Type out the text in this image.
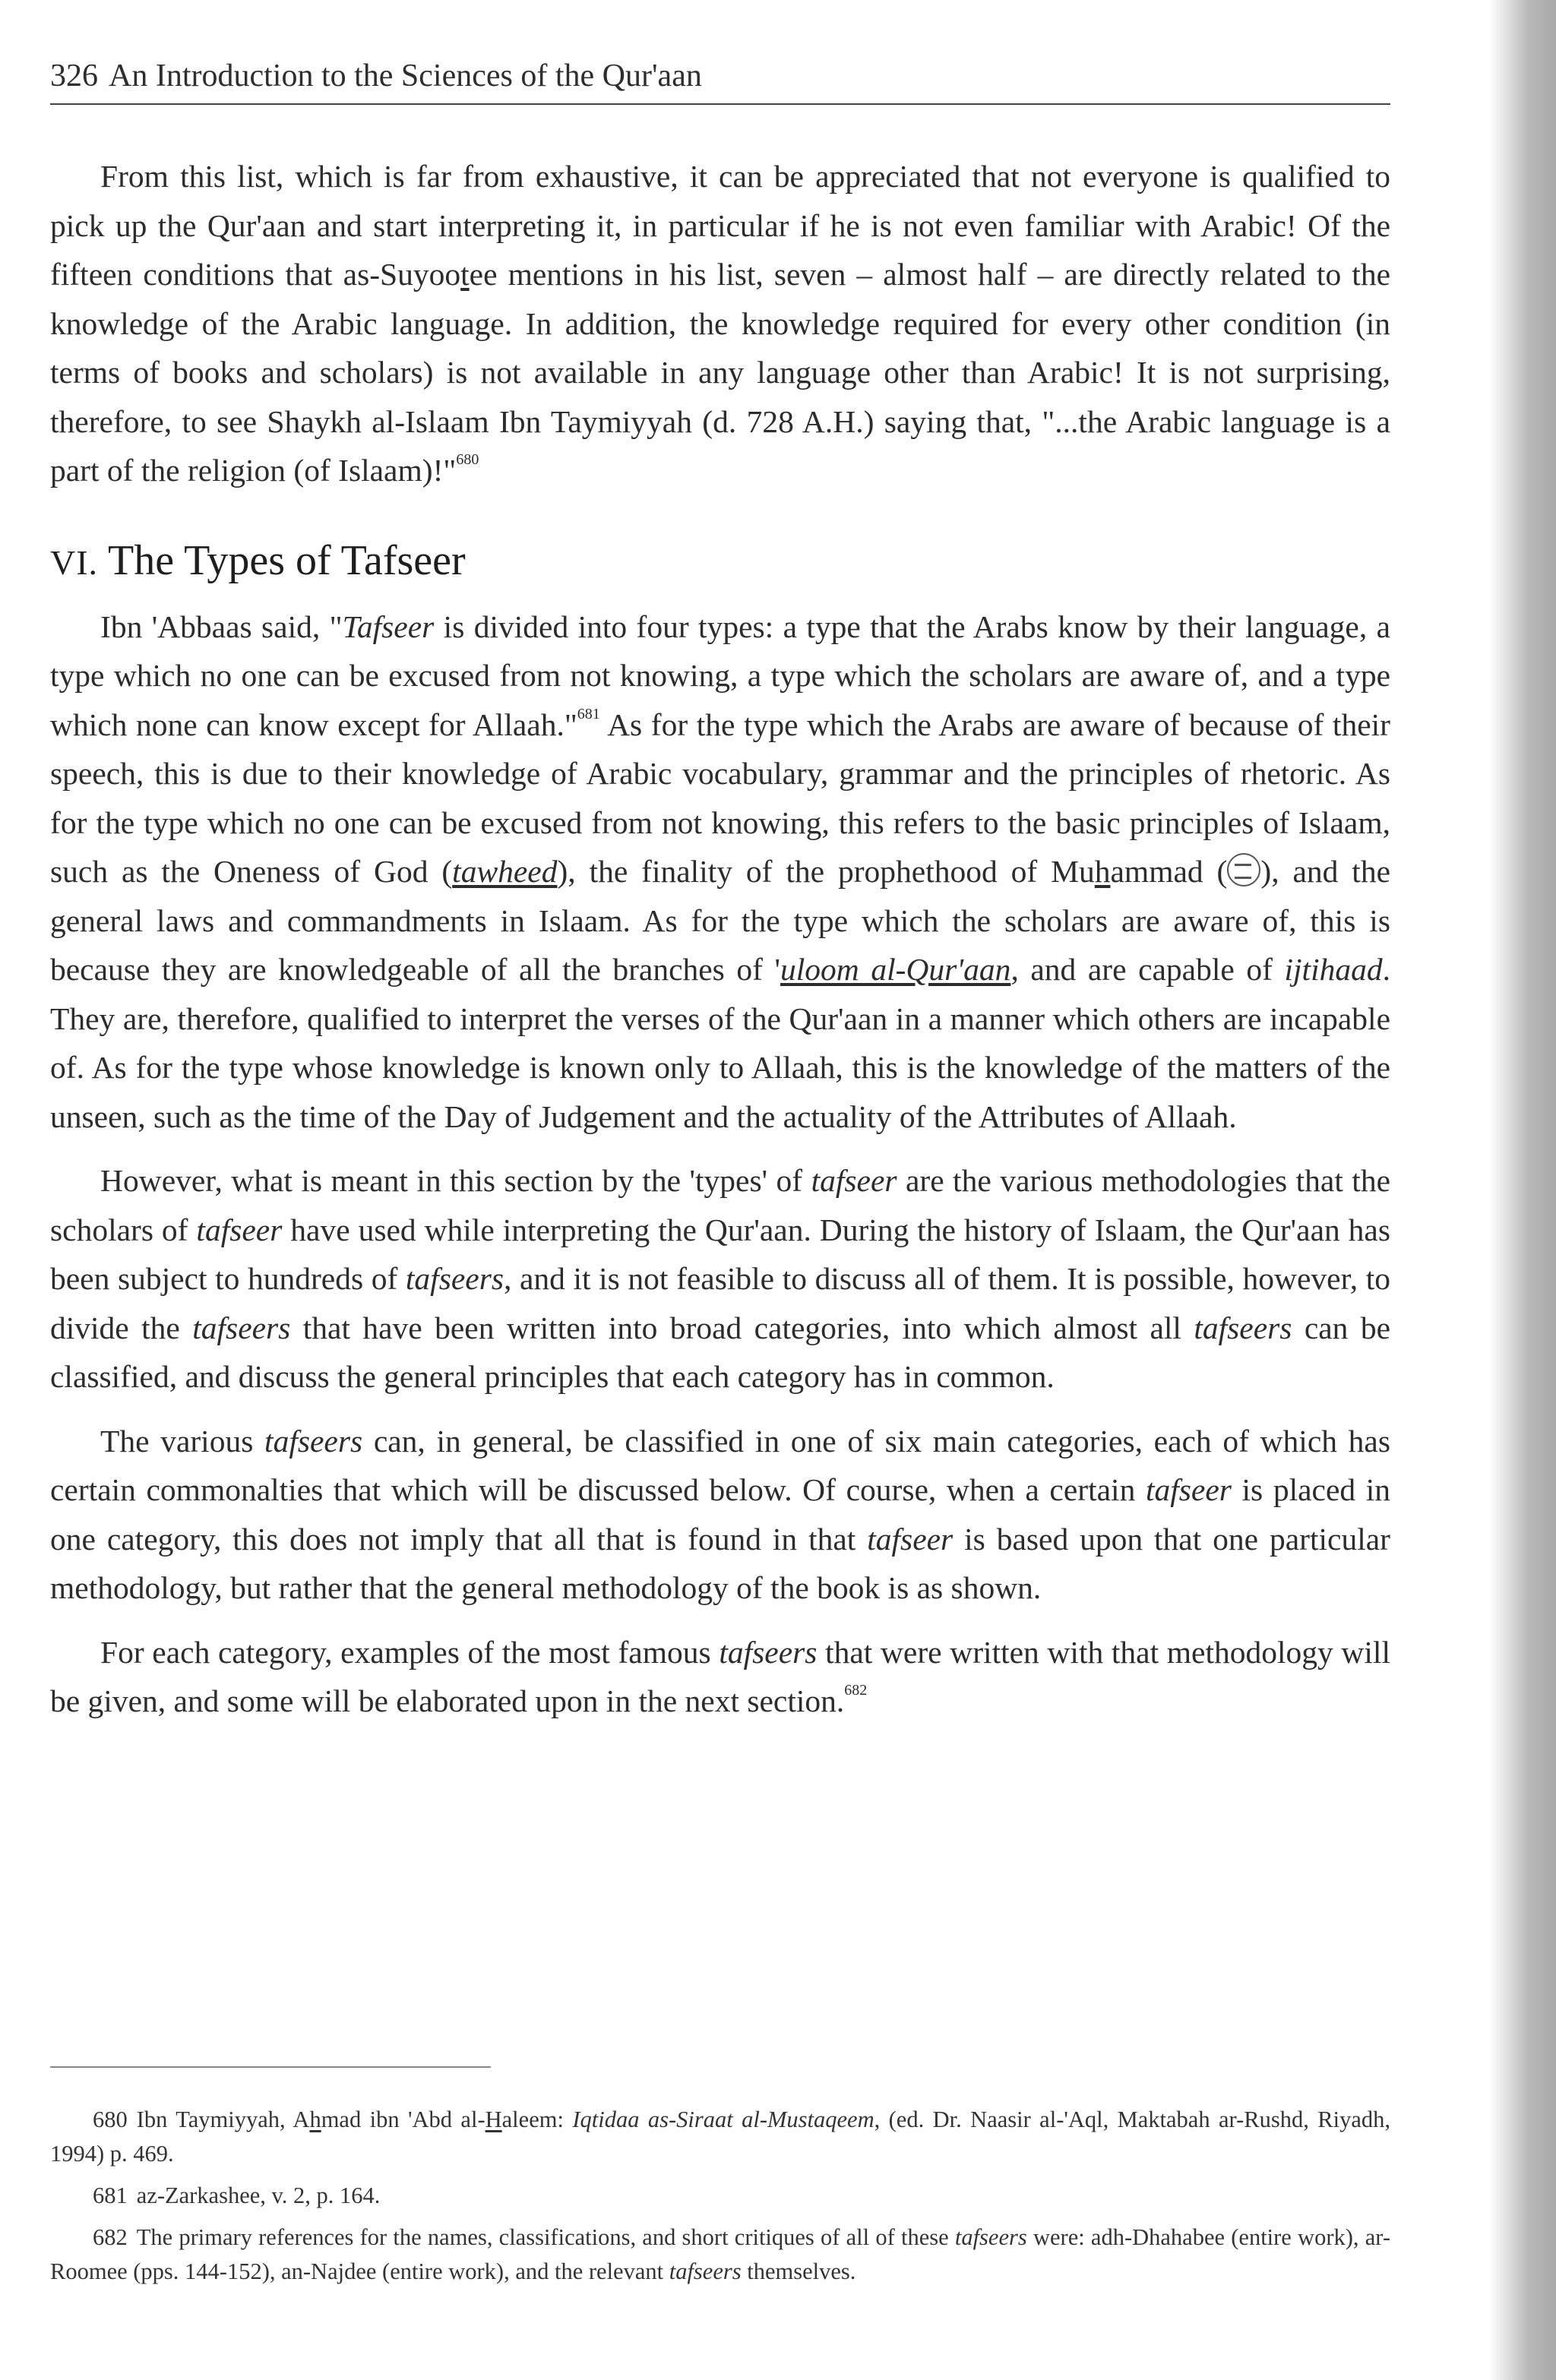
326 An Introduction to the Sciences of the Qur'aan

From this list, which is far from exhaustive, it can be appreciated that not everyone is qualified to pick up the Qur'aan and start interpreting it, in particular if he is not even familiar with Arabic! Of the fifteen conditions that as-Suyootee mentions in his list, seven – almost half – are directly related to the knowledge of the Arabic language. In addition, the knowledge required for every other condition (in terms of books and scholars) is not available in any language other than Arabic! It is not surprising, therefore, to see Shaykh al-Islaam Ibn Taymiyyah (d. 728 A.H.) saying that, "...the Arabic language is a part of the religion (of Islaam)!"$^{680}$

VI. The Types of Tafseer

Ibn 'Abbaas said, "Tafseer is divided into four types: a type that the Arabs know by their language, a type which no one can be excused from not knowing, a type which the scholars are aware of, and a type which none can know except for Allaah."$^{681}$ As for the type which the Arabs are aware of because of their speech, this is due to their knowledge of Arabic vocabulary, grammar and the principles of rhetoric. As for the type which no one can be excused from not knowing, this refers to the basic principles of Islaam, such as the Oneness of God (tawheed), the finality of the prophethood of Muhammad ( ), and the general laws and commandments in Islaam. As for the type which the scholars are aware of, this is because they are knowledgeable of all the branches of 'uloom al-Qur'aan, and are capable of ijtihaad. They are, therefore, qualified to interpret the verses of the Qur'aan in a manner which others are incapable of. As for the type whose knowledge is known only to Allaah, this is the knowledge of the matters of the unseen, such as the time of the Day of Judgement and the actuality of the Attributes of Allaah.

However, what is meant in this section by the 'types' of tafseer are the various methodologies that the scholars of tafseer have used while interpreting the Qur'aan. During the history of Islaam, the Qur'aan has been subject to hundreds of tafseers, and it is not feasible to discuss all of them. It is possible, however, to divide the tafseers that have been written into broad categories, into which almost all tafseers can be classified, and discuss the general principles that each category has in common.

The various tafseers can, in general, be classified in one of six main categories, each of which has certain commonalties that which will be discussed below. Of course, when a certain tafseer is placed in one category, this does not imply that all that is found in that tafseer is based upon that one particular methodology, but rather that the general methodology of the book is as shown.

For each category, examples of the most famous tafseers that were written with that methodology will be given, and some will be elaborated upon in the next section.$^{682}$

680 Ibn Taymiyyah, Ahmad ibn 'Abd al-Haleem: Iqtidaa as-Siraat al-Mustaqeem, (ed. Dr. Naasir al-'Aql, Maktabah ar-Rushd, Riyadh, 1994) p. 469.
681 az-Zarkashee, v. 2, p. 164.
682 The primary references for the names, classifications, and short critiques of all of these tafseers were: adh-Dhahabee (entire work), ar-Roomee (pps. 144-152), an-Najdee (entire work), and the relevant tafseers themselves.
